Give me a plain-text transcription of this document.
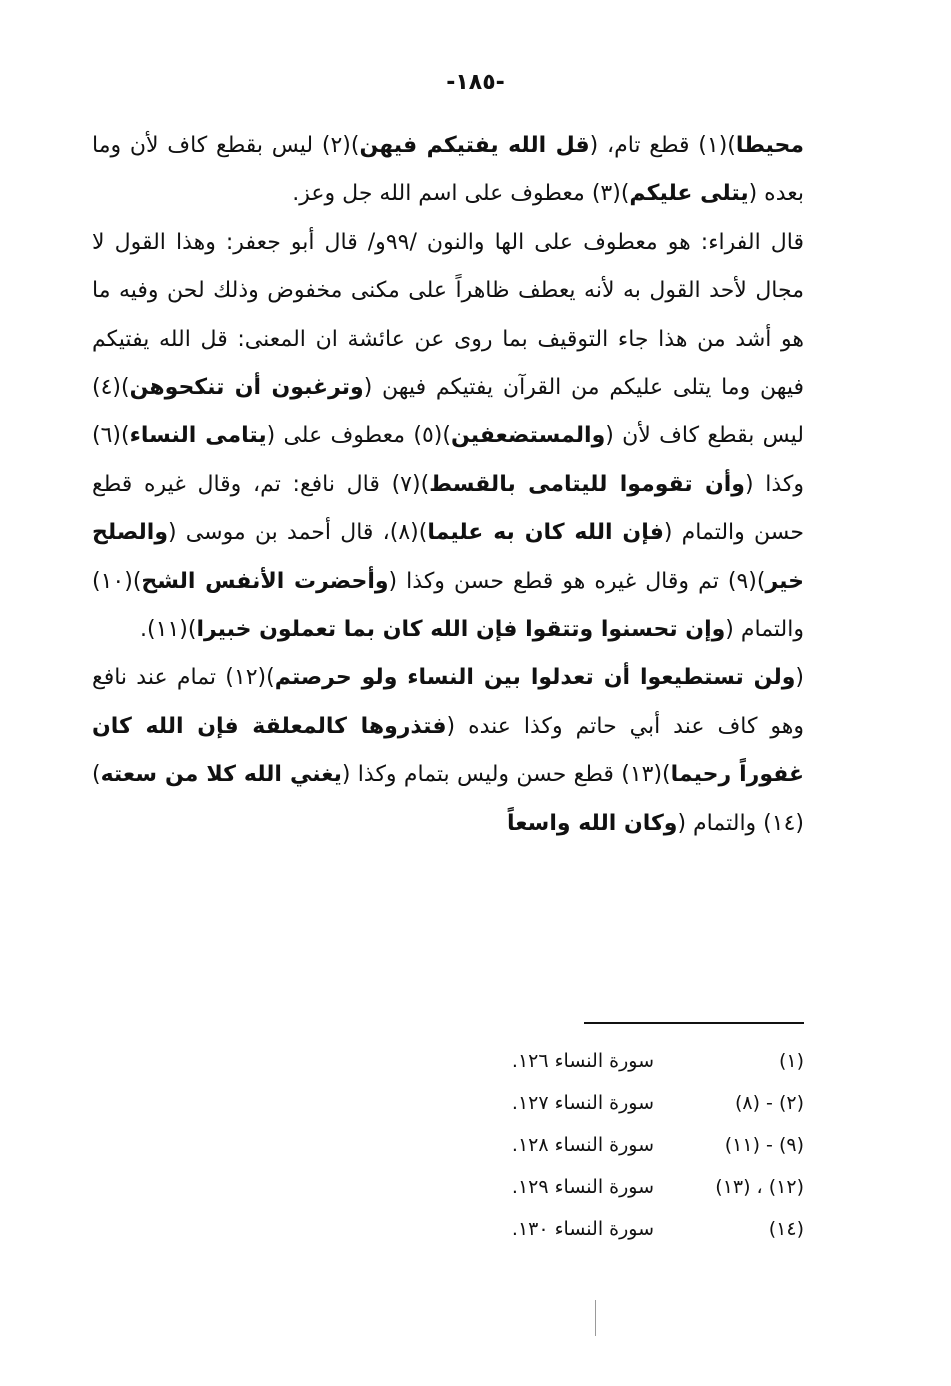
-١٨٥-

محيطا)(١) قطع تام، (قل الله يفتيكم فيهن)(٢) ليس بقطع كاف لأن وما بعده (يتلى عليكم)(٣) معطوف على اسم الله جل وعز.

قال الفراء: هو معطوف على الها والنون /٩٩و/ قال أبو جعفر: وهذا القول لا مجال لأحد القول به لأنه يعطف ظاهراً على مكنى مخفوض وذلك لحن وفيه ما هو أشد من هذا جاء التوقيف بما روى عن عائشة ان المعنى: قل الله يفتيكم فيهن وما يتلى عليكم من القرآن يفتيكم فيهن (وترغبون أن تنكحوهن)(٤) ليس بقطع كاف لأن (والمستضعفين)(٥) معطوف على (يتامى النساء)(٦) وكذا (وأن تقوموا لليتامى بالقسط)(٧) قال نافع: تم، وقال غيره قطع حسن والتمام (فإن الله كان به عليما)(٨)، قال أحمد بن موسى (والصلح خير)(٩) تم وقال غيره هو قطع حسن وكذا (وأحضرت الأنفس الشح)(١٠) والتمام (وإن تحسنوا وتتقوا فإن الله كان بما تعملون خبيرا)(١١).

(ولن تستطيعوا أن تعدلوا بين النساء ولو حرصتم)(١٢) تمام عند نافع وهو كاف عند أبي حاتم وكذا عنده (فتذروها كالمعلقة فإن الله كان غفوراً رحيما)(١٣) قطع حسن وليس بتمام وكذا (يغني الله كلا من سعته)(١٤) والتمام (وكان الله واسعاً

(١)
سورة النساء ١٢٦.
(٢) - (٨)
سورة النساء ١٢٧.
(٩) - (١١)
سورة النساء ١٢٨.
(١٢) ، (١٣)
سورة النساء ١٢٩.
(١٤)
سورة النساء ١٣٠.
